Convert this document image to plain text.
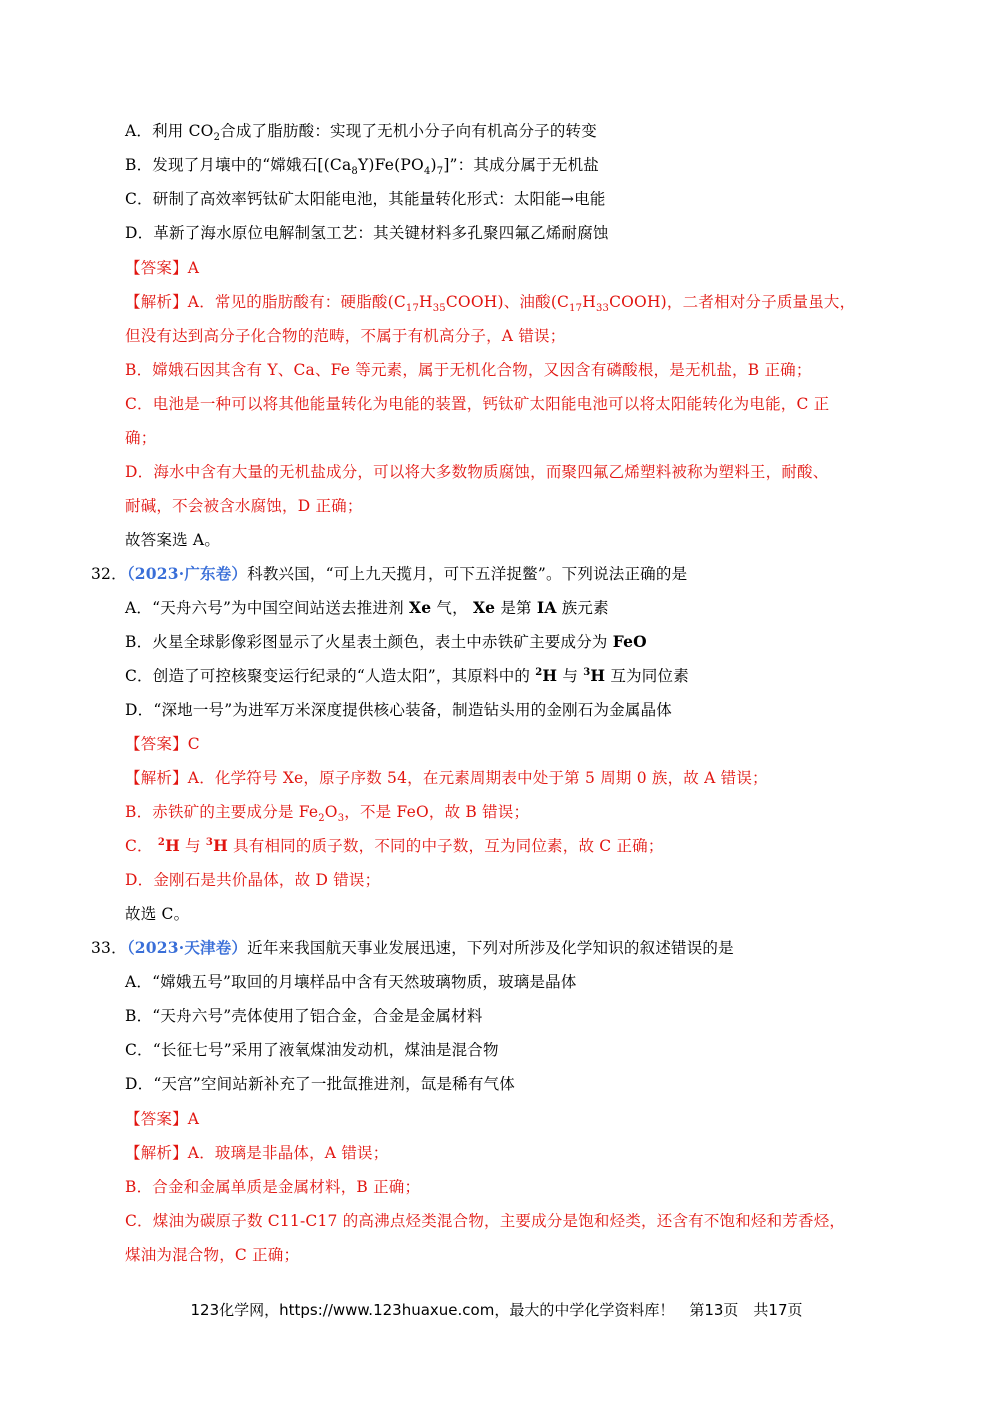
A．利用 $CO_2$合成了脂肪酸：实现了无机小分子向有机高分子的转变
B．发现了月壤中的“嫦娥石$[(Ca_8Y)Fe(PO_4)_7]$”：其成分属于无机盐
C．研制了高效率钙钛矿太阳能电池，其能量转化形式：太阳能→电能
D．革新了海水原位电解制氢工艺：其关键材料多孔聚四氟乙烯耐腐蚀
【答案】A
【解析】A．常见的脂肪酸有：硬脂酸$(C_{17}H_{35}COOH)$、油酸$(C_{17}H_{33}COOH)$，二者相对分子质量虽大，
但没有达到高分子化合物的范畴，不属于有机高分子，A 错误；
B．嫦娥石因其含有 Y、Ca、Fe 等元素，属于无机化合物，又因含有磷酸根，是无机盐，B 正确；
C．电池是一种可以将其他能量转化为电能的装置，钙钛矿太阳能电池可以将太阳能转化为电能，C 正
确；
D．海水中含有大量的无机盐成分，可以将大多数物质腐蚀，而聚四氟乙烯塑料被称为塑料王，耐酸、
耐碱，不会被含水腐蚀，D 正确；
故答案选 A。
32．（2023·广东卷）科教兴国，“可上九天揽月，可下五洋捉鳖”。下列说法正确的是
A．“天舟六号”为中国空间站送去推进剂 Xe 气， Xe 是第 IA 族元素
B．火星全球影像彩图显示了火星表土颜色，表土中赤铁矿主要成分为 FeO
C．创造了可控核聚变运行纪录的“人造太阳”，其原料中的 $^2$H 与 $^3$H 互为同位素
D．“深地一号”为进军万米深度提供核心装备，制造钻头用的金刚石为金属晶体
【答案】C
【解析】A．化学符号 Xe，原子序数 54，在元素周期表中处于第 5 周期 0 族，故 A 错误；
B．赤铁矿的主要成分是 $Fe_2O_3$，不是 FeO，故 B 错误；
C． $^2$H 与 $^3$H 具有相同的质子数，不同的中子数，互为同位素，故 C 正确；
D．金刚石是共价晶体，故 D 错误；
故选 C。
33．（2023·天津卷）近年来我国航天事业发展迅速，下列对所涉及化学知识的叙述错误的是
A．“嫦娥五号”取回的月壤样品中含有天然玻璃物质，玻璃是晶体
B．“天舟六号”壳体使用了铝合金，合金是金属材料
C．“长征七号”采用了液氧煤油发动机，煤油是混合物
D．“天宫”空间站新补充了一批氙推进剂，氙是稀有气体
【答案】A
【解析】A．玻璃是非晶体，A 错误；
B．合金和金属单质是金属材料，B 正确；
C．煤油为碳原子数 C11-C17 的高沸点烃类混合物，主要成分是饱和烃类，还含有不饱和烃和芳香烃，
煤油为混合物，C 正确；
123化学网，https://www.123huaxue.com，最大的中学化学资料库！　第13页　共17页
